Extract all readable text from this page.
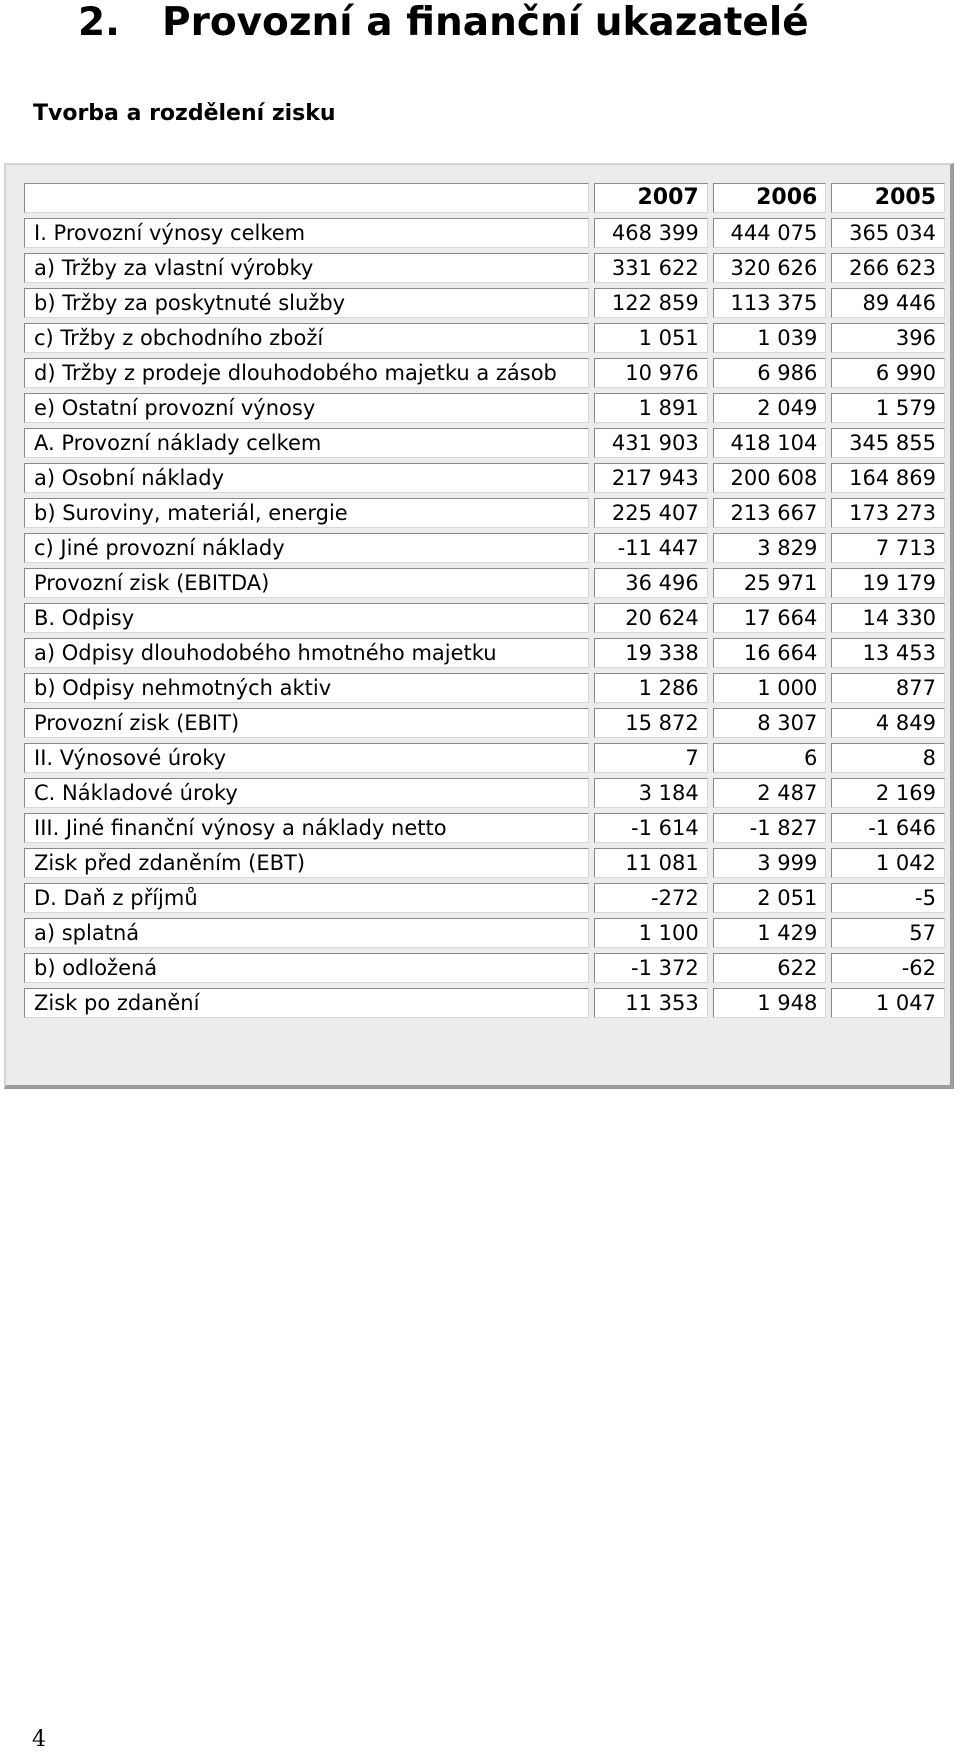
2. Provozní a finanční ukazatelé
Tvorba a rozdělení zisku
	2007	2006	2005
I. Provozní výnosy celkem	468 399	444 075	365 034
a) Tržby za vlastní výrobky	331 622	320 626	266 623
b) Tržby za poskytnuté služby	122 859	113 375	89 446
c) Tržby z obchodního zboží	1 051	1 039	396
d) Tržby z prodeje dlouhodobého majetku a zásob	10 976	6 986	6 990
e) Ostatní provozní výnosy	1 891	2 049	1 579
A. Provozní náklady celkem	431 903	418 104	345 855
a) Osobní náklady	217 943	200 608	164 869
b) Suroviny, materiál, energie	225 407	213 667	173 273
c) Jiné provozní náklady	-11 447	3 829	7 713
Provozní zisk (EBITDA)	36 496	25 971	19 179
B. Odpisy	20 624	17 664	14 330
a) Odpisy dlouhodobého hmotného majetku	19 338	16 664	13 453
b) Odpisy nehmotných aktiv	1 286	1 000	877
Provozní zisk (EBIT)	15 872	8 307	4 849
II. Výnosové úroky	7	6	8
C. Nákladové úroky	3 184	2 487	2 169
III. Jiné finanční výnosy a náklady netto	-1 614	-1 827	-1 646
Zisk před zdaněním (EBT)	11 081	3 999	1 042
D. Daň z příjmů	-272	2 051	-5
a) splatná	1 100	1 429	57
b) odložená	-1 372	622	-62
Zisk po zdanění	11 353	1 948	1 047
4
